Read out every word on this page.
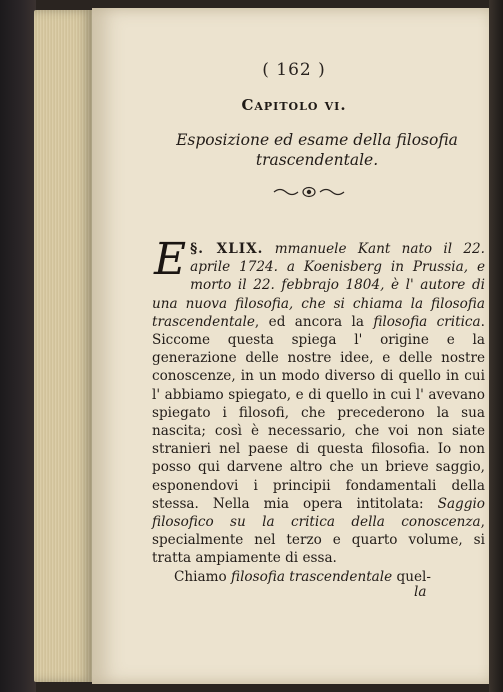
( 162 )
Capitolo vi.
Esposizione ed esame della filosofia
trascendentale.

§. XLIX.
E	mmanuele Kant nato il 22. aprile 1724. a Koenisberg in Prussia, e morto il 22. febbrajo 1804, è l' autore di una nuova filosofia, che si chiama la filosofia trascendentale, ed ancora la filosofia critica. Siccome questa spiega l' origine e la generazione delle nostre idee, e delle nostre conoscenze, in un modo diverso di quello in cui l' abbiamo spiegato, e di quello in cui l' avevano spiegato i filosofi, che precederono la sua nascita; così è necessario, che voi non siate stranieri nel paese di questa filosofia. Io non posso qui darvene altro che un brieve saggio, esponendovi i principii fondamentali della stessa. Nella mia opera intitolata: Saggio filosofico su la critica della conoscenza, specialmente nel terzo e quarto volume, si tratta ampiamente di essa.

Chiamo filosofia trascendentale quel-

la
